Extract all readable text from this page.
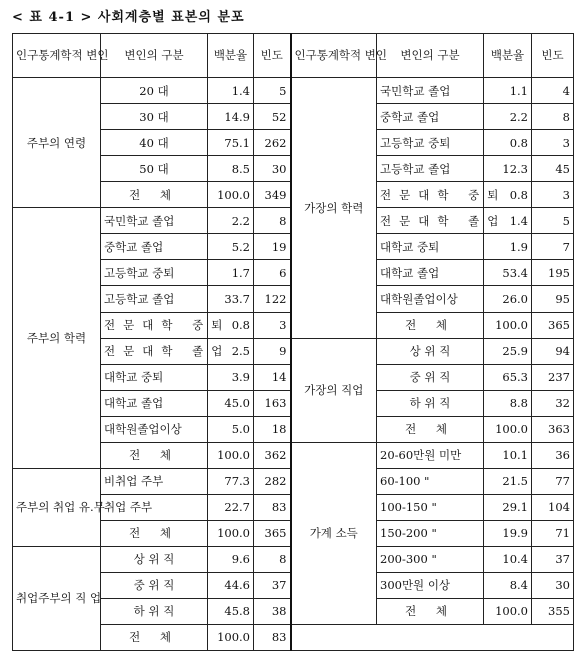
< 표 4-1 > 사회계층별 표본의 분포
인구통계학적 변인	변인의 구분	백분율	빈도	인구통계학적 변인	변인의 구분	백분율	빈도
주부의 연령	20 대	1.4	5	가장의 학력	국민학교 졸업	1.1	4
	30 대	14.9	52		중학교 졸업	2.2	8
	40 대	75.1	262		고등학교 중퇴	0.8	3
	50 대	8.5	30		고등학교 졸업	12.3	45
	전 체	100.0	349		전문대학 중퇴	0.8	3
주부의 학력	국민학교 졸업	2.2	8		전문대학 졸업	1.4	5
	중학교 졸업	5.2	19		대학교 중퇴	1.9	7
	고등학교 중퇴	1.7	6		대학교 졸업	53.4	195
	고등학교 졸업	33.7	122		대학원졸업이상	26.0	95
	전문대학 중퇴	0.8	3		전 체	100.0	365
	전문대학 졸업	2.5	9	가장의 직업	상 위 직	25.9	94
	대학교 중퇴	3.9	14		중 위 직	65.3	237
	대학교 졸업	45.0	163		하 위 직	8.8	32
	대학원졸업이상	5.0	18		전 체	100.0	363
	전 체	100.0	362	가계 소득	20-60만원 미만	10.1	36
주부의 취업 유.무	비취업 주부	77.3	282		60-100 "	21.5	77
	취업 주부	22.7	83		100-150 "	29.1	104
	전 체	100.0	365		150-200 "	19.9	71
취업주부의 직 업	상 위 직	9.6	8		200-300 "	10.4	37
	중 위 직	44.6	37		300만원 이상	8.4	30
	하 위 직	45.8	38		전 체	100.0	355
	전 체	100.0	83				
